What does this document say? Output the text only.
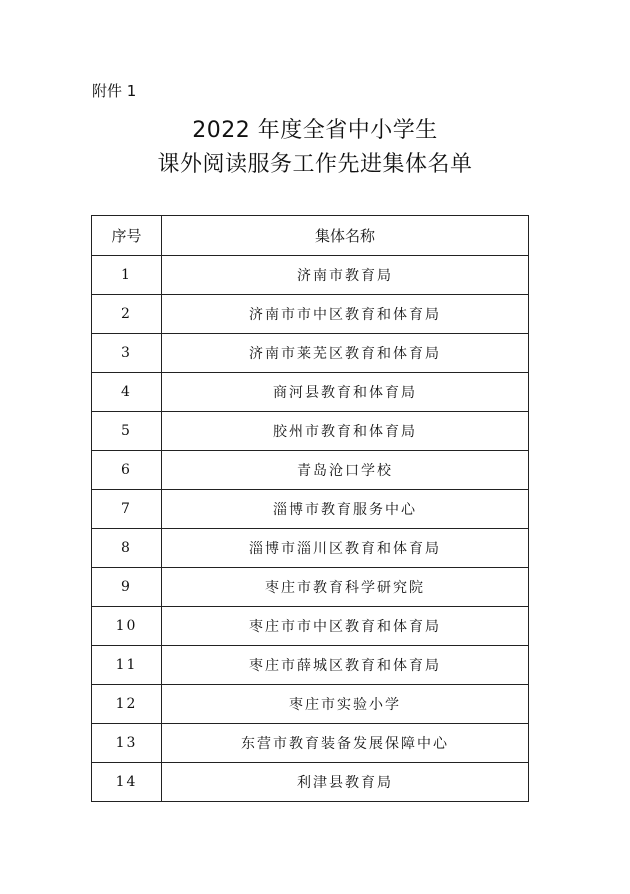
附件 1
2022 年度全省中小学生
课外阅读服务工作先进集体名单
序号	集体名称
1	济南市教育局
2	济南市市中区教育和体育局
3	济南市莱芜区教育和体育局
4	商河县教育和体育局
5	胶州市教育和体育局
6	青岛沧口学校
7	淄博市教育服务中心
8	淄博市淄川区教育和体育局
9	枣庄市教育科学研究院
10	枣庄市市中区教育和体育局
11	枣庄市薛城区教育和体育局
12	枣庄市实验小学
13	东营市教育装备发展保障中心
14	利津县教育局
